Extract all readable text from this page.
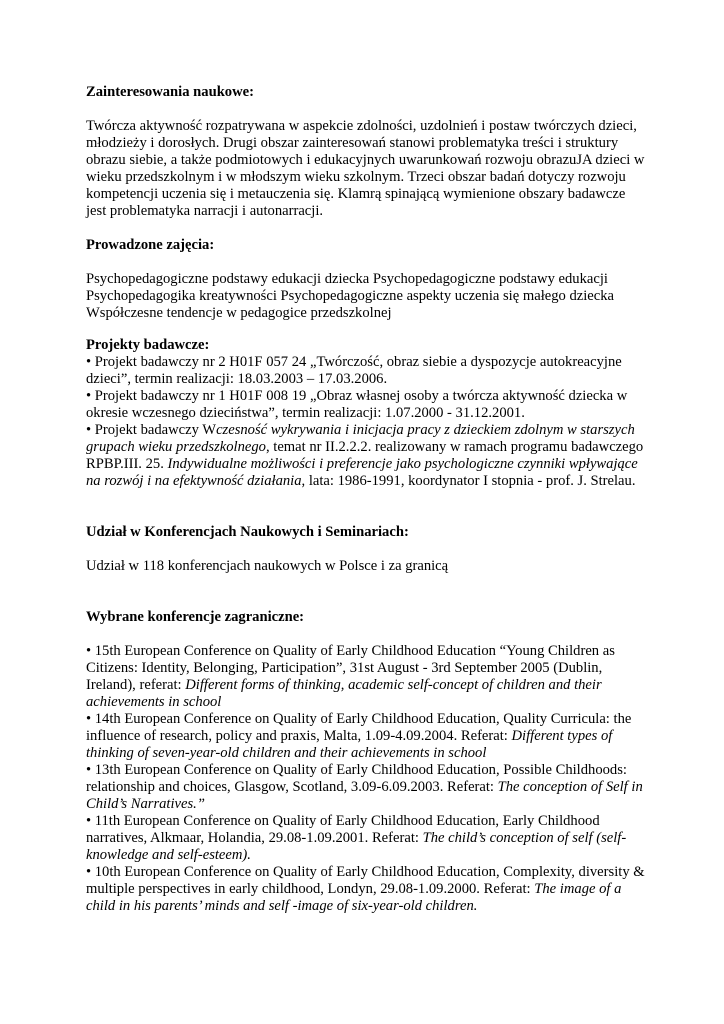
Zainteresowania naukowe:

Twórcza aktywność rozpatrywana w aspekcie zdolności, uzdolnień i postaw twórczych dzieci, młodzieży i dorosłych. Drugi obszar zainteresowań stanowi problematyka treści i struktury obrazu siebie, a także podmiotowych i edukacyjnych uwarunkowań rozwoju obrazuJA dzieci w wieku przedszkolnym i w młodszym wieku szkolnym. Trzeci obszar badań dotyczy rozwoju kompetencji uczenia się i metauczenia się. Klamrą spinającą wymienione obszary badawcze jest problematyka narracji i autonarracji.

Prowadzone zajęcia:

Psychopedagogiczne podstawy edukacji dziecka Psychopedagogiczne podstawy edukacji Psychopedagogika kreatywności Psychopedagogiczne aspekty uczenia się małego dziecka Współczesne tendencje w pedagogice przedszkolnej

Projekty badawcze:

• Projekt badawczy nr 2 H01F 057 24 „Twórczość, obraz siebie a dyspozycje autokreacyjne dzieci”, termin realizacji: 18.03.2003 – 17.03.2006.

• Projekt badawczy nr 1 H01F 008 19 „Obraz własnej osoby a twórcza aktywność dziecka w okresie wczesnego dzieciństwa”, termin realizacji: 1.07.2000 - 31.12.2001.

• Projekt badawczy Wczesność wykrywania i inicjacja pracy z dzieckiem zdolnym w starszych grupach wieku przedszkolnego, temat nr II.2.2.2. realizowany w ramach programu badawczego RPBP.III. 25. Indywidualne możliwości i preferencje jako psychologiczne czynniki wpływające na rozwój i na efektywność działania, lata: 1986-1991, koordynator I stopnia - prof. J. Strelau.

Udział w Konferencjach Naukowych i Seminariach:

Udział w 118 konferencjach naukowych w Polsce i za granicą

Wybrane konferencje zagraniczne:

• 15th European Conference on Quality of Early Childhood Education “Young Children as Citizens: Identity, Belonging, Participation”, 31st August - 3rd September 2005 (Dublin, Ireland), referat: Different forms of thinking, academic self-concept of children and their achievements in school

• 14th European Conference on Quality of Early Childhood Education, Quality Curricula: the influence of research, policy and praxis, Malta, 1.09-4.09.2004. Referat: Different types of thinking of seven-year-old children and their achievements in school

• 13th European Conference on Quality of Early Childhood Education, Possible Childhoods: relationship and choices, Glasgow, Scotland, 3.09-6.09.2003. Referat: The conception of Self in Child’s Narratives.”

• 11th European Conference on Quality of Early Childhood Education, Early Childhood narratives, Alkmaar, Holandia, 29.08-1.09.2001. Referat: The child’s conception of self (self-knowledge and self-esteem).

• 10th European Conference on Quality of Early Childhood Education, Complexity, diversity & multiple perspectives in early childhood, Londyn, 29.08-1.09.2000. Referat: The image of a child in his parents’ minds and self -image of six-year-old children.
